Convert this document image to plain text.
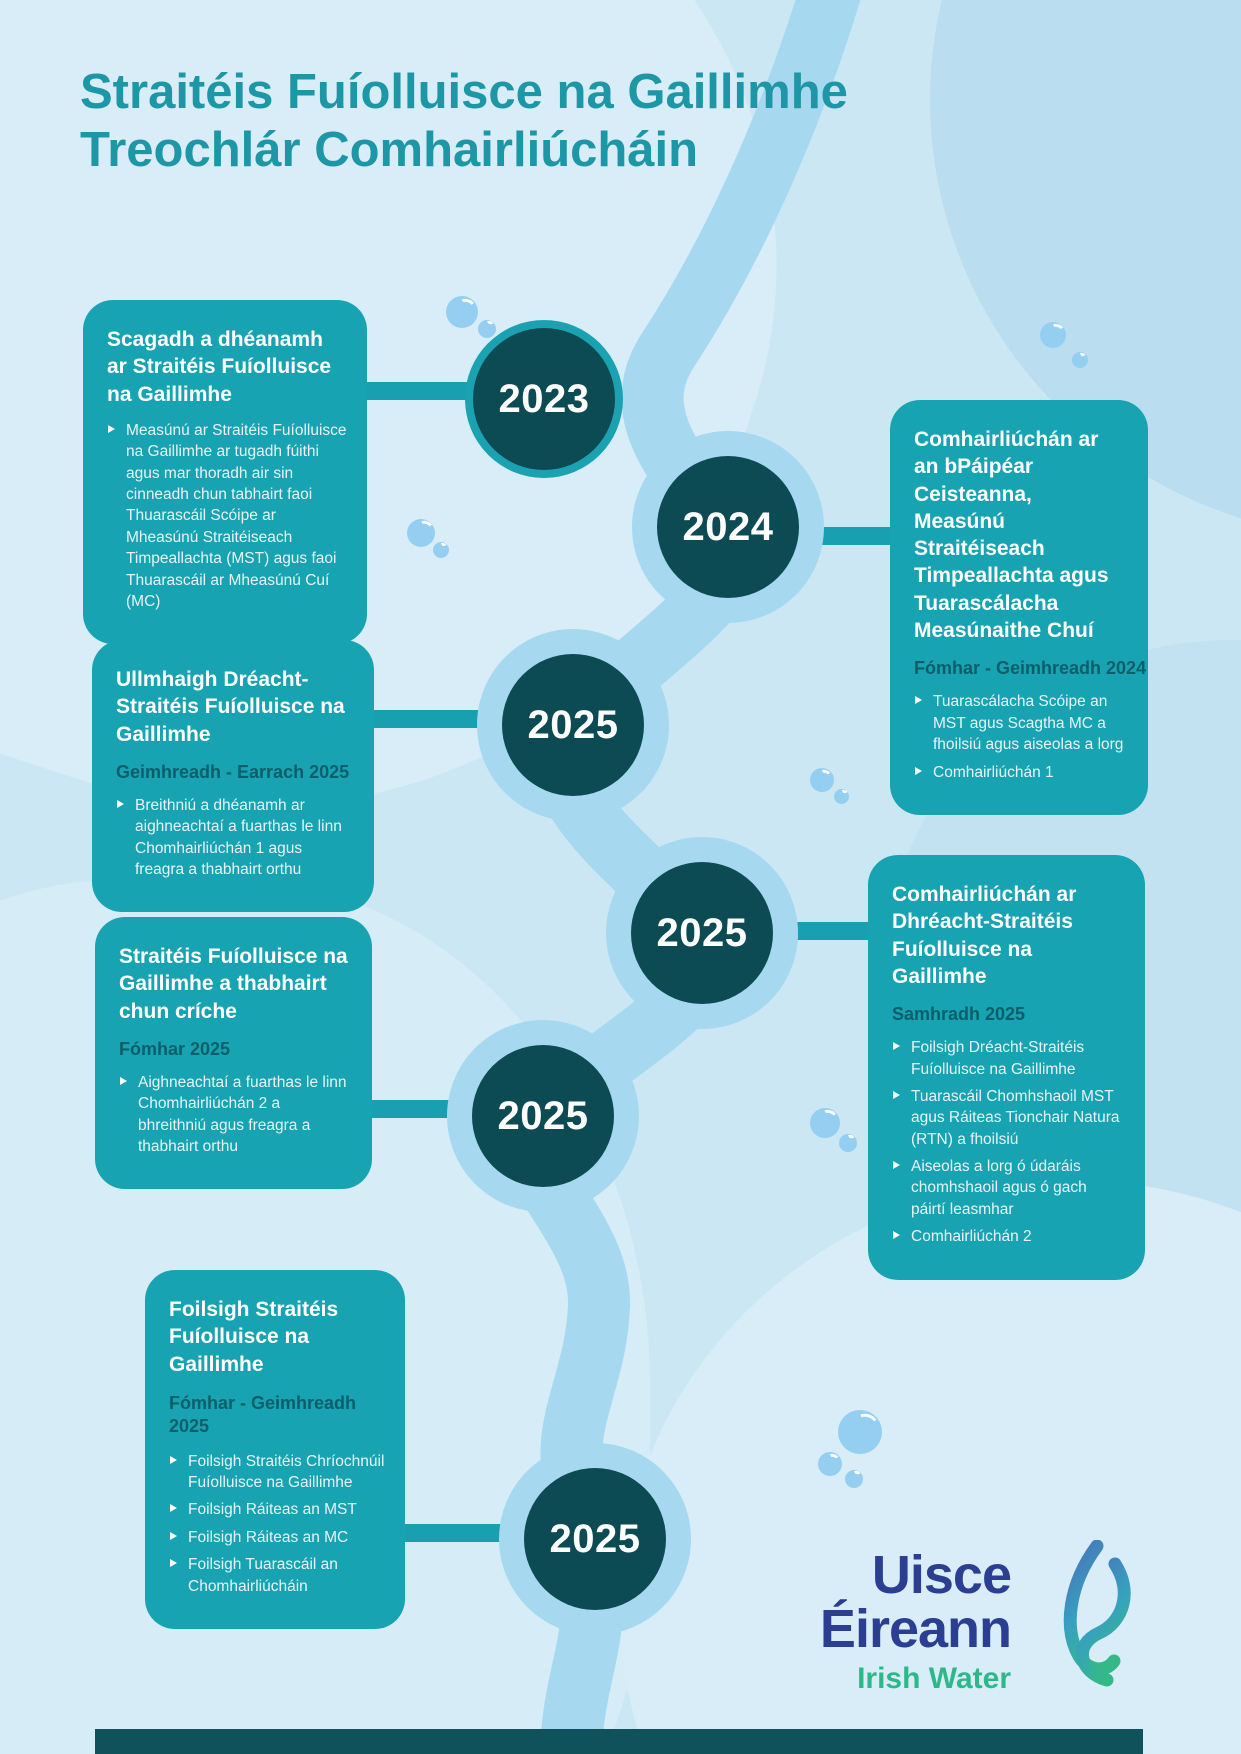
2023
2024
2025
2025
2025
2025
Scagadh a dhéanamh ar Straitéis Fuíolluisce na Gaillimhe
Measúnú ar Straitéis Fuíolluisce na Gaillimhe ar tugadh fúithi agus mar thoradh air sin cinneadh chun tabhairt faoi Thuarascáil Scóipe ar Mheasúnú Straitéiseach Timpeallachta (MST) agus faoi Thuarascáil ar Mheasúnú Cuí (MC)
Comhairliúchán ar an bPáipéar Ceisteanna, Measúnú Straitéiseach Timpeallachta agus Tuarascálacha Measúnaithe Chuí
Fómhar - Geimhreadh 2024
Tuarascálacha Scóipe an MST agus Scagtha MC a fhoilsiú agus aiseolas a lorg
Comhairliúchán 1
Ullmhaigh Dréacht-Straitéis Fuíolluisce na Gaillimhe
Geimhreadh - Earrach 2025
Breithniú a dhéanamh ar aighneachtaí a fuarthas le linn Chomhairliúchán 1 agus freagra a thabhairt orthu
Comhairliúchán ar Dhréacht-Straitéis Fuíolluisce na Gaillimhe
Samhradh 2025
Foilsigh Dréacht-Straitéis Fuíolluisce na Gaillimhe
Tuarascáil Chomhshaoil MST agus Ráiteas Tionchair Natura (RTN) a fhoilsiú
Aiseolas a lorg ó údaráis chomhshaoil agus ó gach páirtí leasmhar
Comhairliúchán 2
Straitéis Fuíolluisce na Gaillimhe a thabhairt chun críche
Fómhar 2025
Aighneachtaí a fuarthas le linn Chomhairliúchán 2 a bhreithniú agus freagra a thabhairt orthu
Foilsigh Straitéis Fuíolluisce na Gaillimhe
Fómhar - Geimhreadh 2025
Foilsigh Straitéis Chríochnúil Fuíolluisce na Gaillimhe
Foilsigh Ráiteas an MST
Foilsigh Ráiteas an MC
Foilsigh Tuarascáil an Chomhairliúcháin
Straitéis Fuíolluisce na Gaillimhe
Treochlár Comhairliúcháin
Uisce Éireann
Irish Water
